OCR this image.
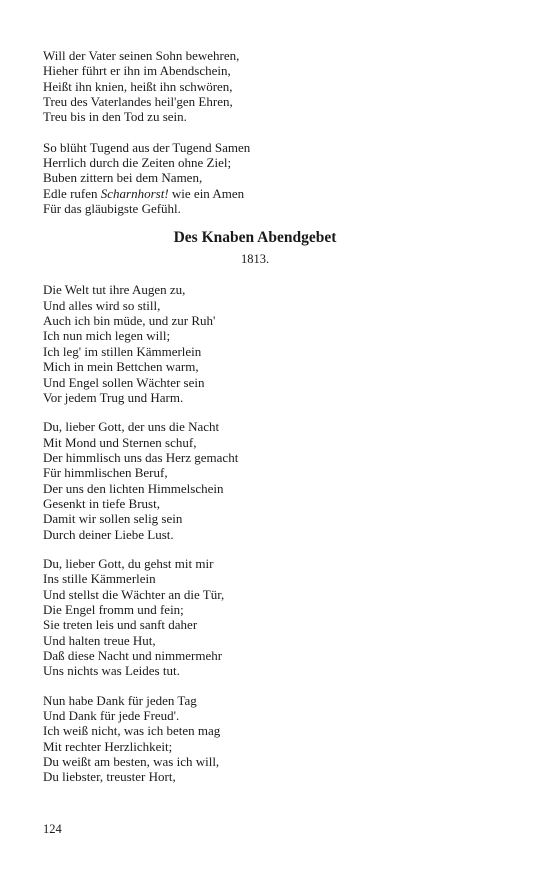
Will der Vater seinen Sohn bewehren,
Hieher führt er ihn im Abendschein,
Heißt ihn knien, heißt ihn schwören,
Treu des Vaterlandes heil'gen Ehren,
Treu bis in den Tod zu sein.
So blüht Tugend aus der Tugend Samen
Herrlich durch die Zeiten ohne Ziel;
Buben zittern bei dem Namen,
Edle rufen Scharnhorst! wie ein Amen
Für das gläubigste Gefühl.
Des Knaben Abendgebet
1813.
Die Welt tut ihre Augen zu,
Und alles wird so still,
Auch ich bin müde, und zur Ruh'
Ich nun mich legen will;
Ich leg' im stillen Kämmerlein
Mich in mein Bettchen warm,
Und Engel sollen Wächter sein
Vor jedem Trug und Harm.
Du, lieber Gott, der uns die Nacht
Mit Mond und Sternen schuf,
Der himmlisch uns das Herz gemacht
Für himmlischen Beruf,
Der uns den lichten Himmelschein
Gesenkt in tiefe Brust,
Damit wir sollen selig sein
Durch deiner Liebe Lust.
Du, lieber Gott, du gehst mit mir
Ins stille Kämmerlein
Und stellst die Wächter an die Tür,
Die Engel fromm und fein;
Sie treten leis und sanft daher
Und halten treue Hut,
Daß diese Nacht und nimmermehr
Uns nichts was Leides tut.
Nun habe Dank für jeden Tag
Und Dank für jede Freud'.
Ich weiß nicht, was ich beten mag
Mit rechter Herzlichkeit;
Du weißt am besten, was ich will,
Du liebster, treuster Hort,
124
